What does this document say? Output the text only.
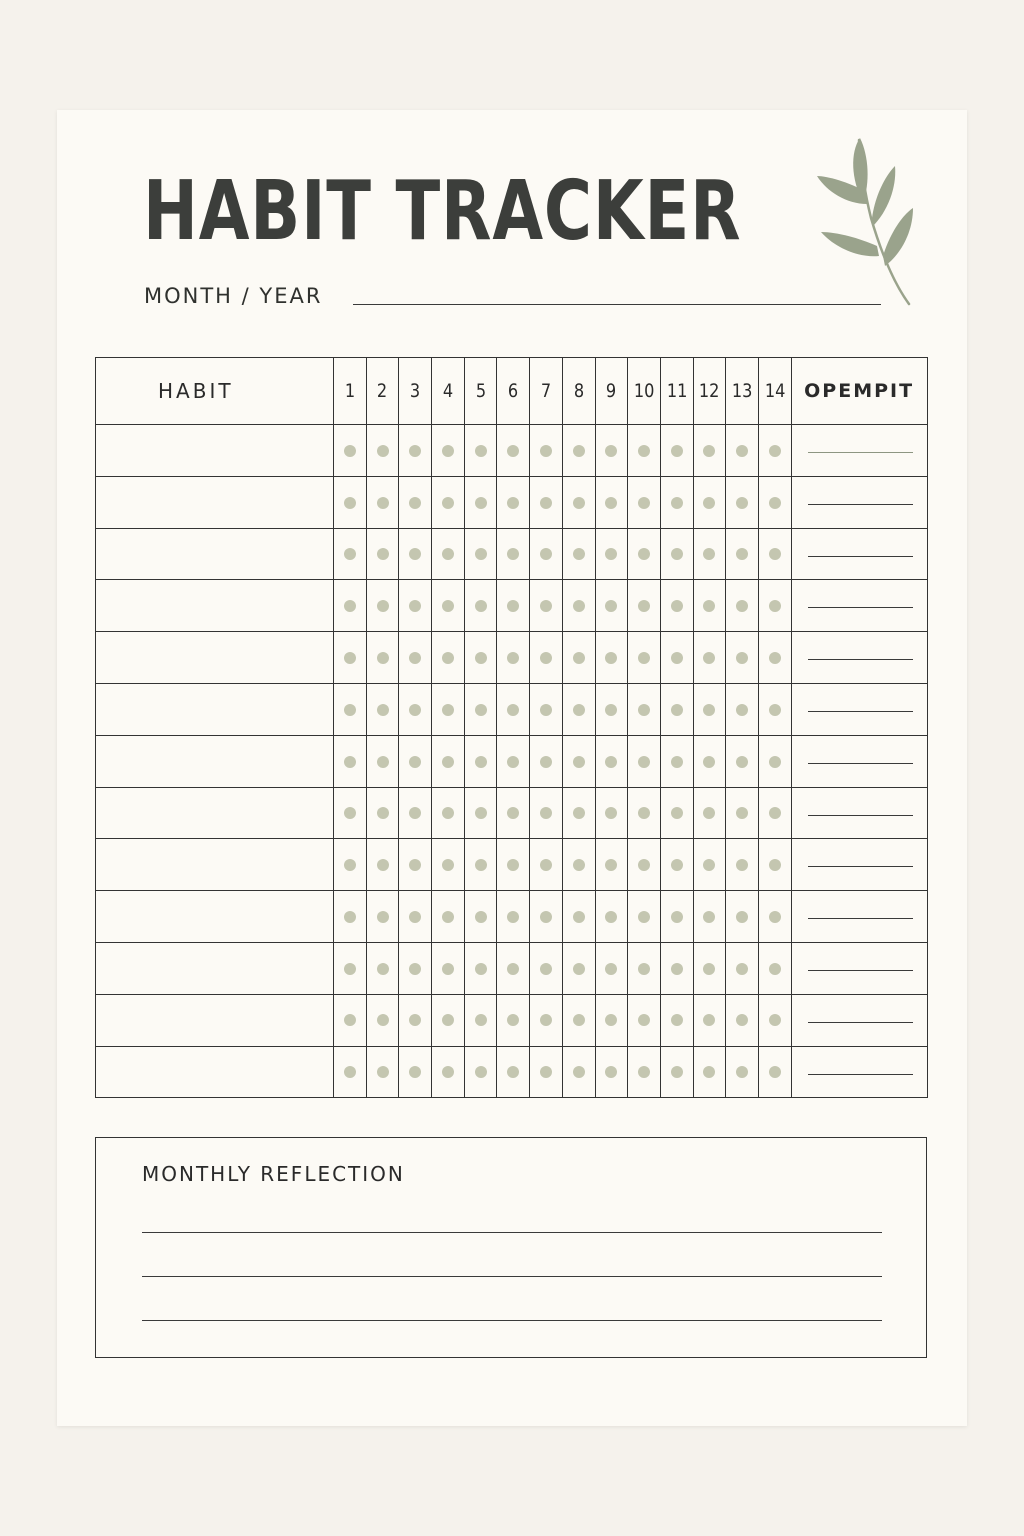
HABIT TRACKER
MONTH / YEAR
HABIT	1	2	3	4	5	6	7	8	9	10	11	12	13	14	OPEMPIT

MONTHLY REFLECTION
